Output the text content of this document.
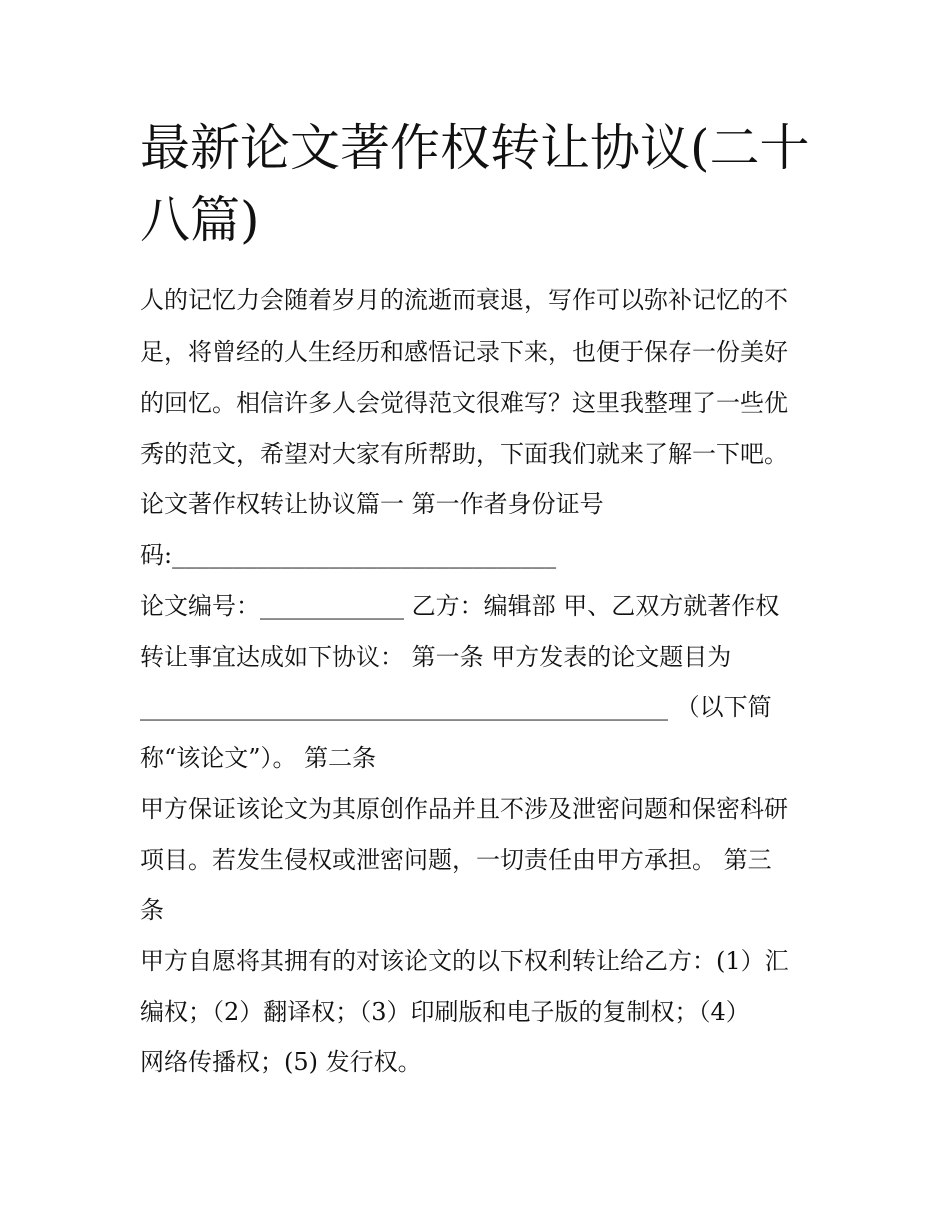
最新论文著作权转让协议(二十八篇)

人的记忆力会随着岁月的流逝而衰退，写作可以弥补记忆的不

足，将曾经的人生经历和感悟记录下来，也便于保存一份美好

的回忆。相信许多人会觉得范文很难写？这里我整理了一些优

秀的范文，希望对大家有所帮助，下面我们就来了解一下吧。

论文著作权转让协议篇一 第一作者身份证号

码:________________________________

论文编号：____________ 乙方：编辑部 甲、乙双方就著作权

转让事宜达成如下协议： 第一条 甲方发表的论文题目为

____________________________________________ （以下简

称“该论文”）。 第二条

甲方保证该论文为其原创作品并且不涉及泄密问题和保密科研

项目。若发生侵权或泄密问题，一切责任由甲方承担。 第三

条

甲方自愿将其拥有的对该论文的以下权利转让给乙方：(1）汇

编权；（2）翻译权；（3）印刷版和电子版的复制权；（4）

网络传播权；(5) 发行权。
